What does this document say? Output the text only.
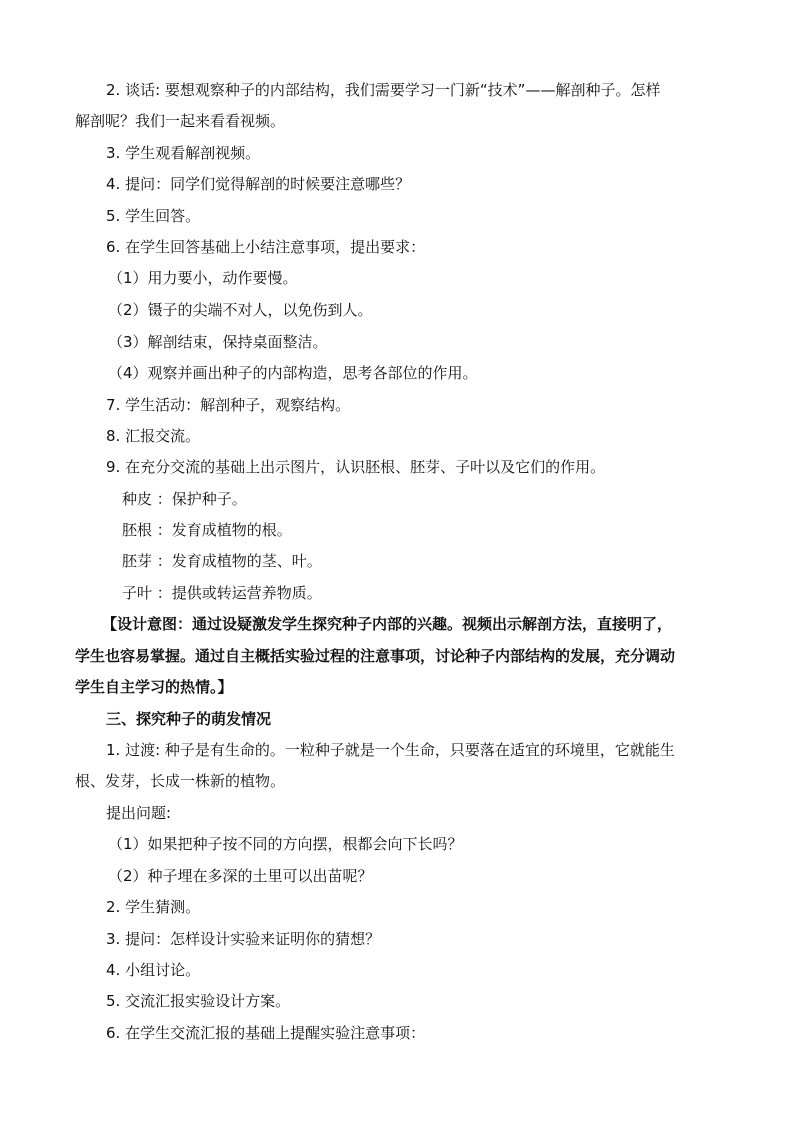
2. 谈话: 要想观察种子的内部结构，我们需要学习一门新“技术”——解剖种子。怎样
解剖呢？我们一起来看看视频。
3. 学生观看解剖视频。
4. 提问：同学们觉得解剖的时候要注意哪些？
5. 学生回答。
6. 在学生回答基础上小结注意事项，提出要求：
（1）用力要小，动作要慢。
（2）镊子的尖端不对人，以免伤到人。
（3）解剖结束，保持桌面整洁。
（4）观察并画出种子的内部构造，思考各部位的作用。
7. 学生活动：解剖种子，观察结构。
8. 汇报交流。
9. 在充分交流的基础上出示图片，认识胚根、胚芽、子叶以及它们的作用。
种皮 ：保护种子。
胚根 ：发育成植物的根。
胚芽 ：发育成植物的茎、叶。
子叶 ：提供或转运营养物质。
【设计意图：通过设疑激发学生探究种子内部的兴趣。视频出示解剖方法，直接明了，
学生也容易掌握。通过自主概括实验过程的注意事项，讨论种子内部结构的发展，充分调动
学生自主学习的热情。】
三、探究种子的萌发情况
1. 过渡: 种子是有生命的。一粒种子就是一个生命，只要落在适宜的环境里，它就能生
根、发芽，长成一株新的植物。
提出问题:
（1）如果把种子按不同的方向摆，根都会向下长吗？
（2）种子埋在多深的土里可以出苗呢？
2. 学生猜测。
3. 提问：怎样设计实验来证明你的猜想？
4. 小组讨论。
5. 交流汇报实验设计方案。
6. 在学生交流汇报的基础上提醒实验注意事项：
